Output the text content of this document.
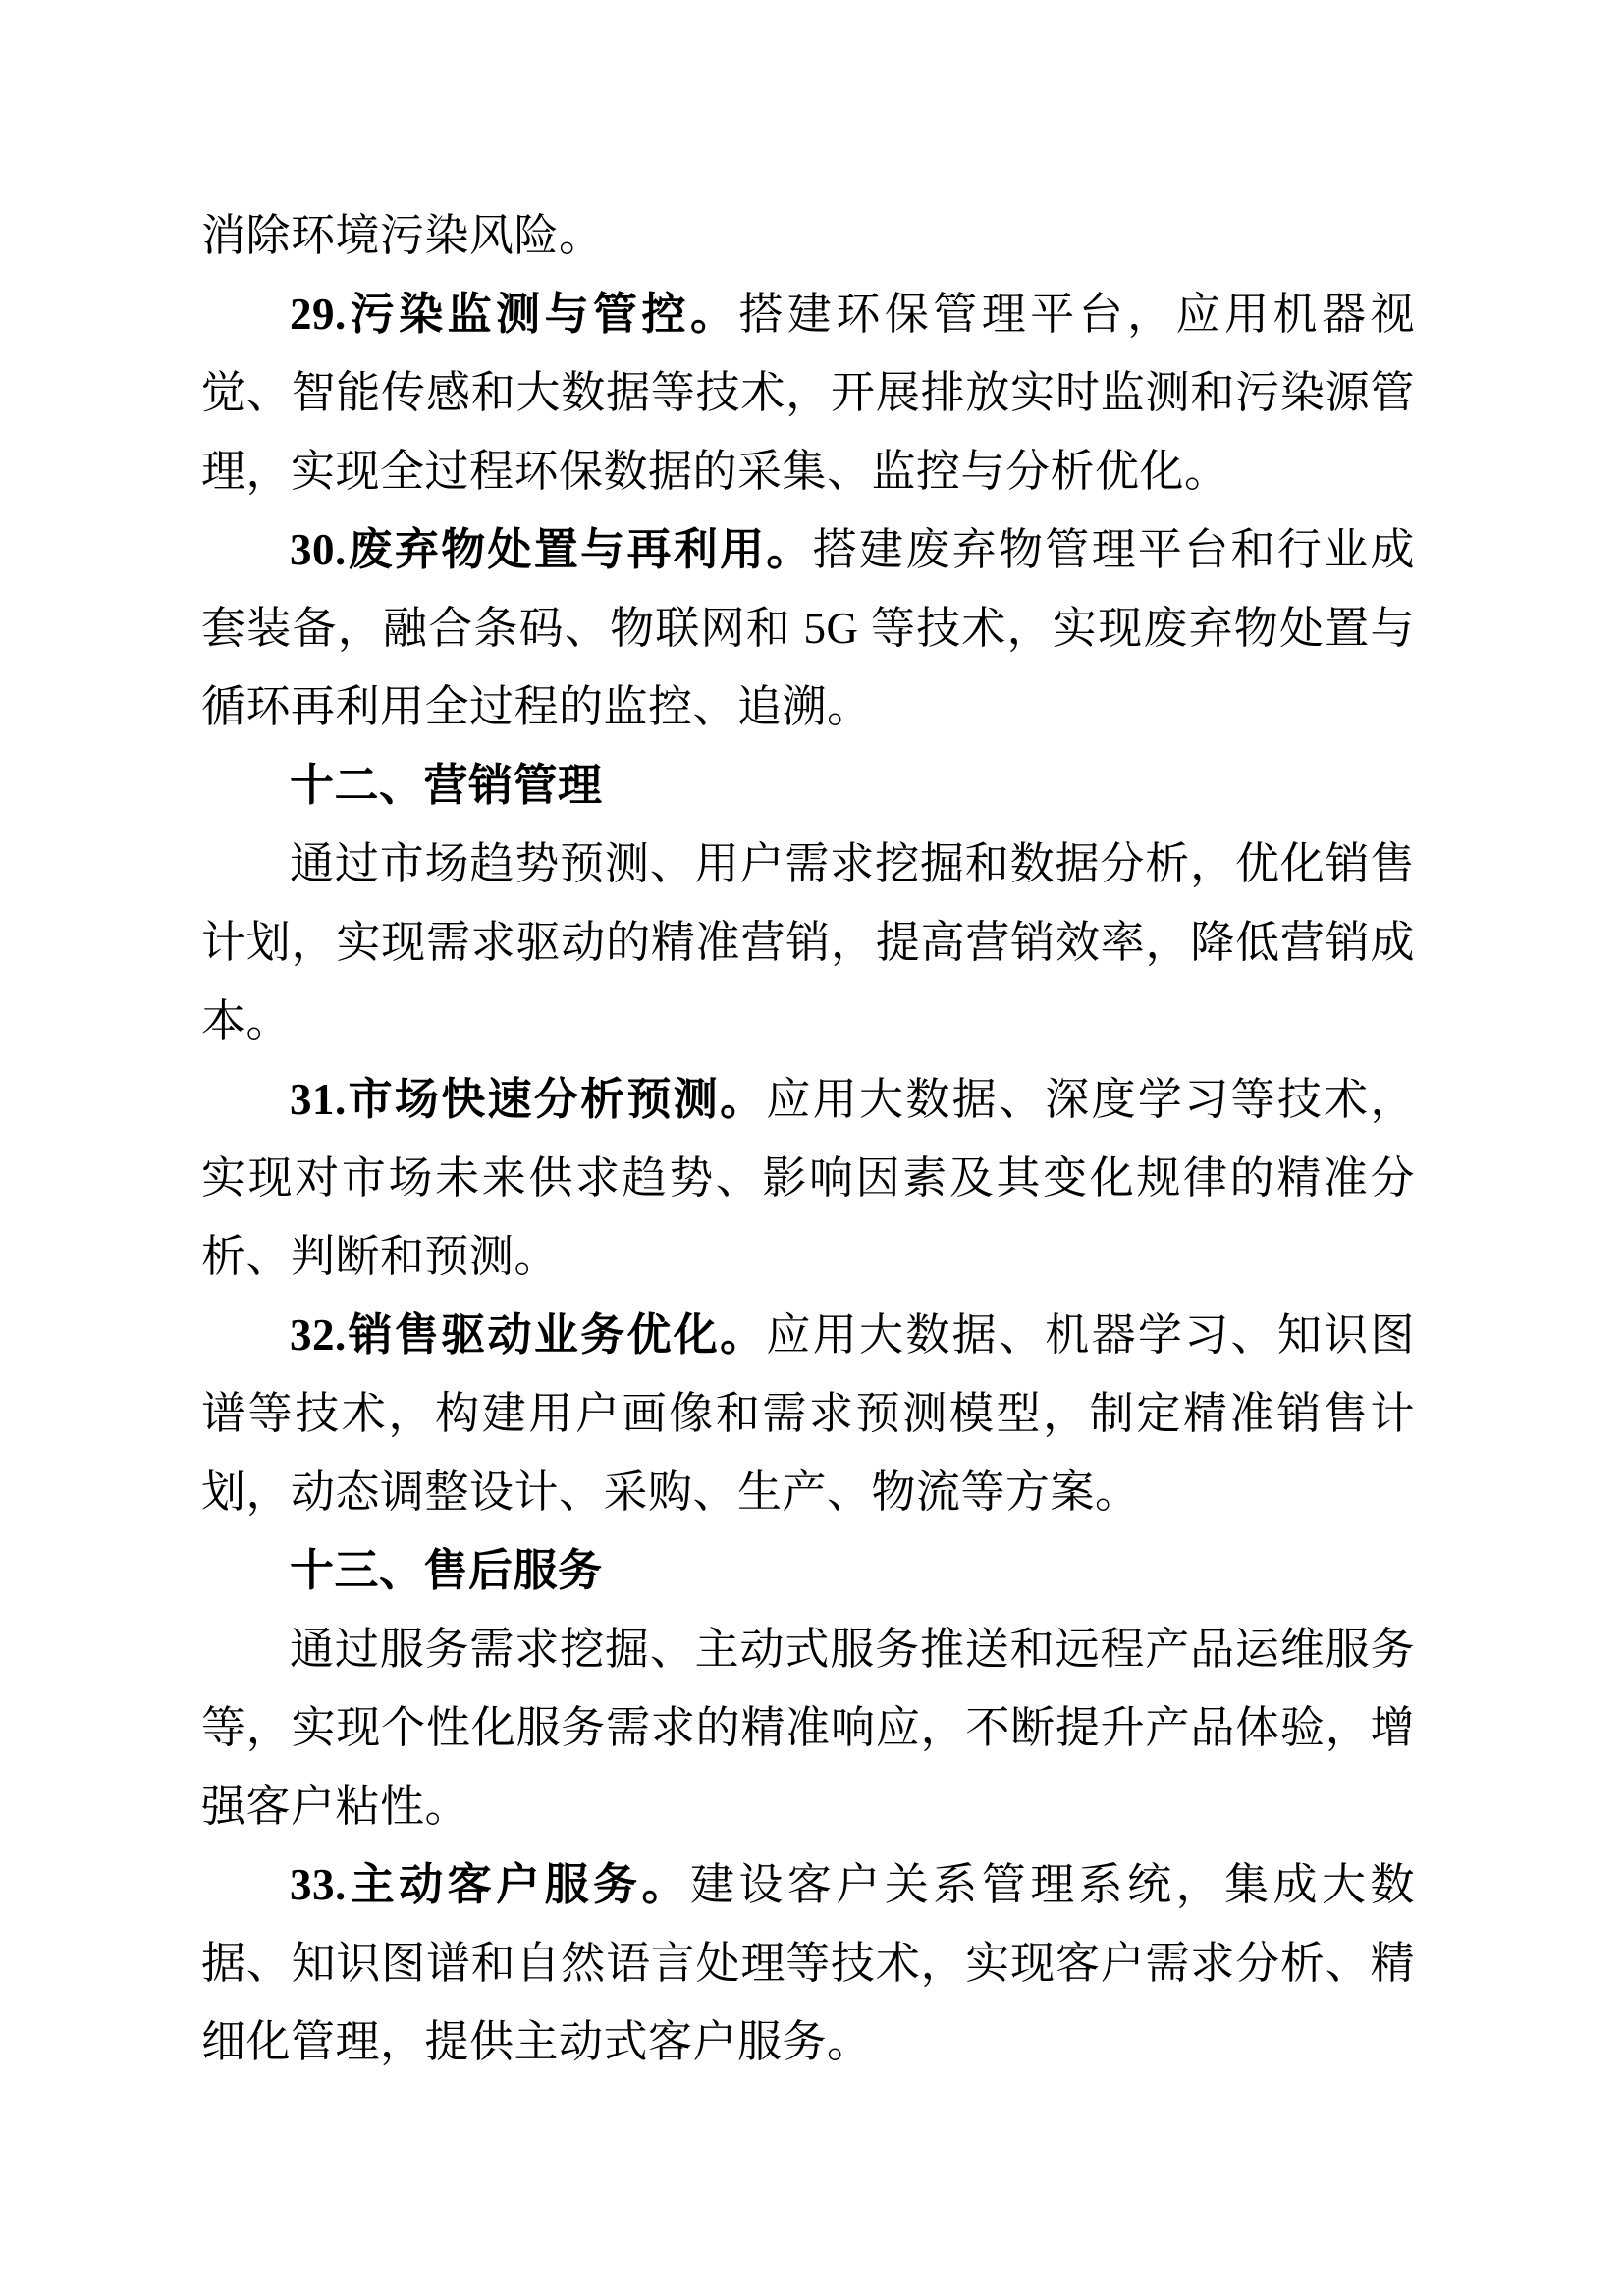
消除环境污染风险。

29.污染监测与管控。搭建环保管理平台，应用机器视觉、智能传感和大数据等技术，开展排放实时监测和污染源管理，实现全过程环保数据的采集、监控与分析优化。

30.废弃物处置与再利用。搭建废弃物管理平台和行业成套装备，融合条码、物联网和 5G 等技术，实现废弃物处置与循环再利用全过程的监控、追溯。

十二、营销管理

通过市场趋势预测、用户需求挖掘和数据分析，优化销售计划，实现需求驱动的精准营销，提高营销效率，降低营销成本。

31.市场快速分析预测。应用大数据、深度学习等技术，实现对市场未来供求趋势、影响因素及其变化规律的精准分析、判断和预测。

32.销售驱动业务优化。应用大数据、机器学习、知识图谱等技术，构建用户画像和需求预测模型，制定精准销售计划，动态调整设计、采购、生产、物流等方案。

十三、售后服务

通过服务需求挖掘、主动式服务推送和远程产品运维服务等，实现个性化服务需求的精准响应，不断提升产品体验，增强客户粘性。

33.主动客户服务。建设客户关系管理系统，集成大数据、知识图谱和自然语言处理等技术，实现客户需求分析、精细化管理，提供主动式客户服务。
